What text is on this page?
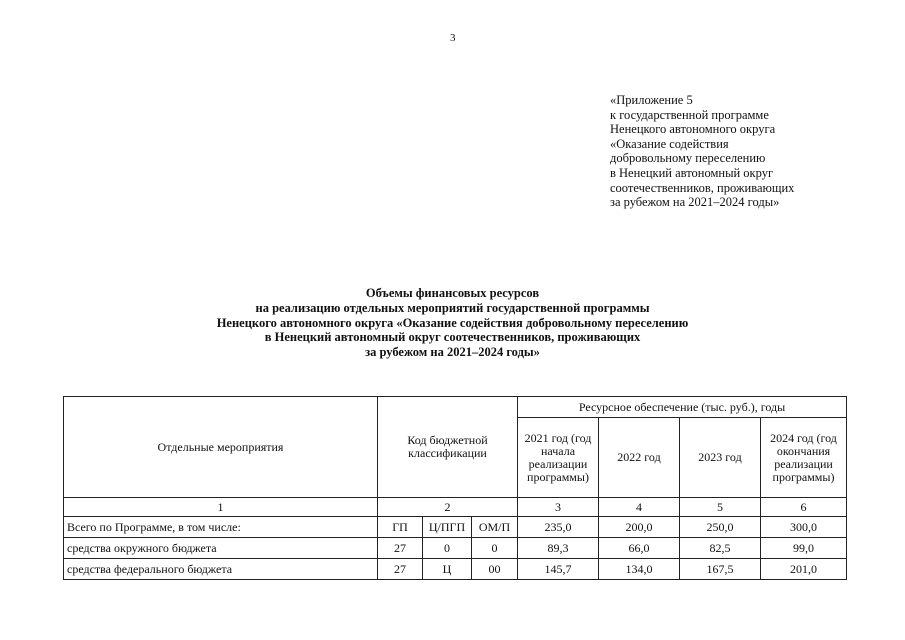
3
«Приложение 5
к государственной программе
Ненецкого автономного округа
«Оказание содействия
добровольному переселению
в Ненецкий автономный округ
соотечественников, проживающих
за рубежом на 2021–2024 годы»
Объемы финансовых ресурсов
на реализацию отдельных мероприятий государственной программы
Ненецкого автономного округа «Оказание содействия добровольному переселению
в Ненецкий автономный округ соотечественников, проживающих
за рубежом на 2021–2024 годы»
Отдельные мероприятия	Код бюджетной классификации			Ресурсное обеспечение (тыс. руб.), годы			
				2021 год (год начала реализации программы)	2022 год	2023 год	2024 год (год окончания реализации программы)
1	2			3	4	5	6
Всего по Программе, в том числе:	ГП	Ц/ПГП	ОМ/П	235,0	200,0	250,0	300,0
средства окружного бюджета	27	0	0	89,3	66,0	82,5	99,0
средства федерального бюджета	27	Ц	00	145,7	134,0	167,5	201,0
